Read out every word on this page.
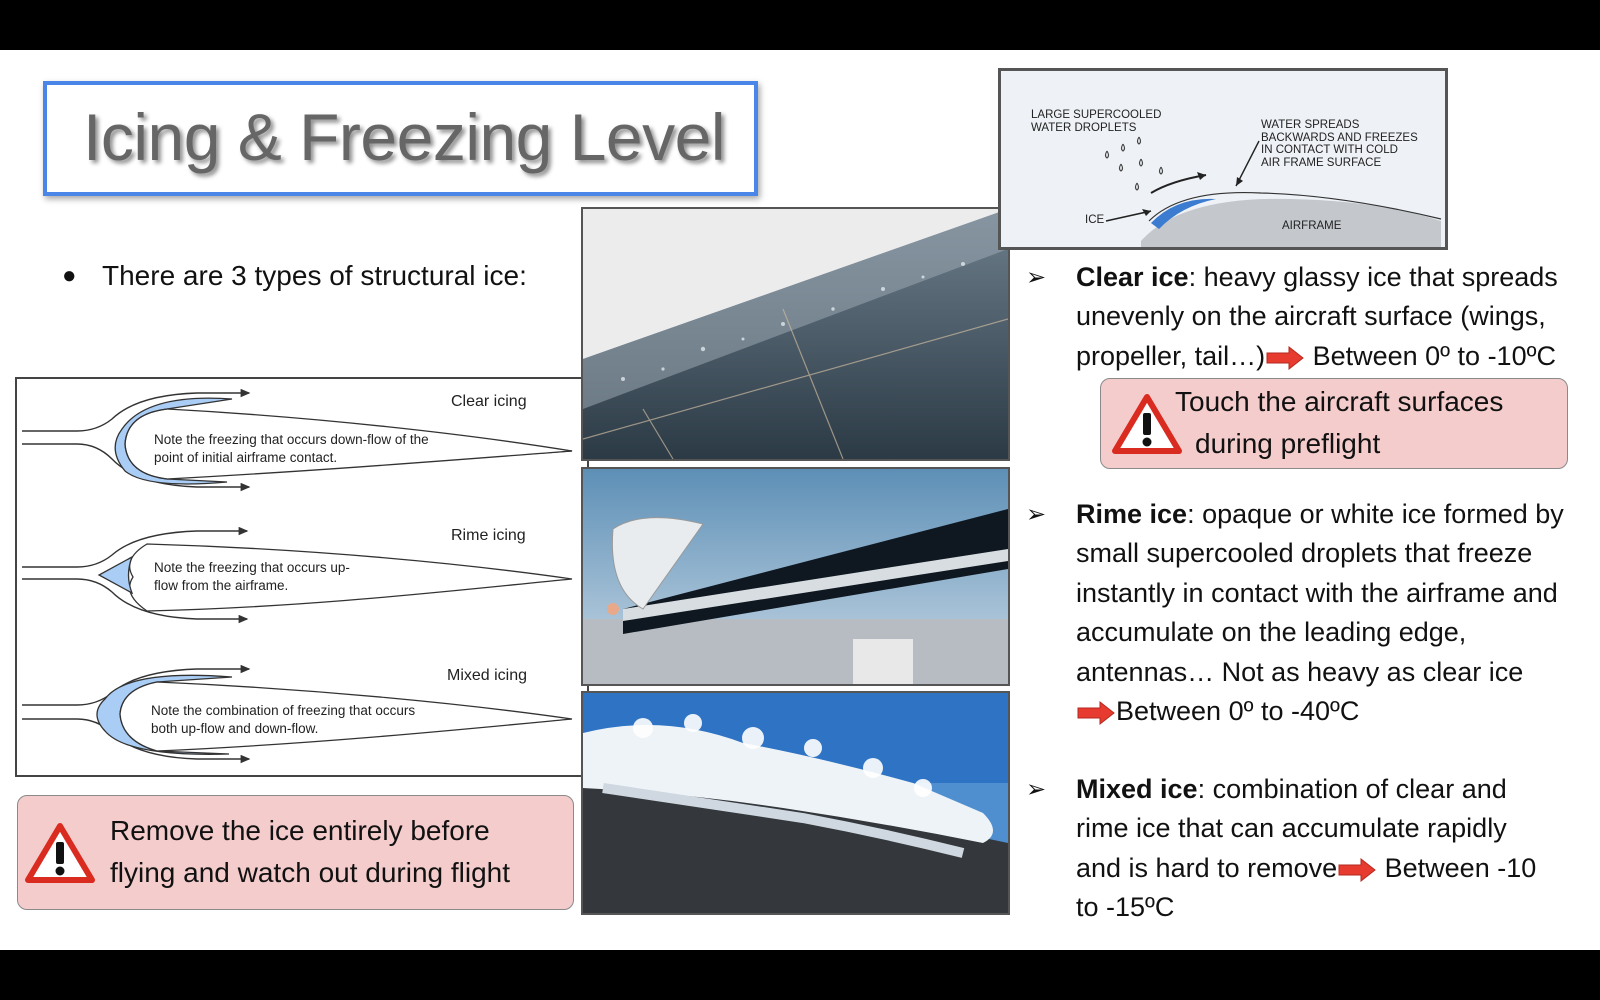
Icing & Freezing Level
● There are 3 types of structural ice:
Clear icing
Note the freezing that occurs down-flow of the
point of initial airframe contact.
Rime icing
Note the freezing that occurs up-
flow from the airframe.
Mixed icing
Note the combination of freezing that occurs
both up-flow and down-flow.
LARGE SUPERCOOLED
WATER DROPLETS	WATER SPREADS
BACKWARDS AND FREEZES
IN CONTACT WITH COLD
AIR FRAME SURFACE
ICE	AIRFRAME
Remove the ice entirely before
flying and watch out during flight
Touch the aircraft surfaces
during preflight
➢ Clear ice: heavy glassy ice that spreads
unevenly on the aircraft surface (wings,
propeller, tail…) Between 0º to -10ºC
➢ Rime ice: opaque or white ice formed by
small supercooled droplets that freeze
instantly in contact with the airframe and
accumulate on the leading edge,
antennas… Not as heavy as clear ice
Between 0º to -40ºC
➢ Mixed ice: combination of clear and
rime ice that can accumulate rapidly
and is hard to remove Between -10
to -15ºC
